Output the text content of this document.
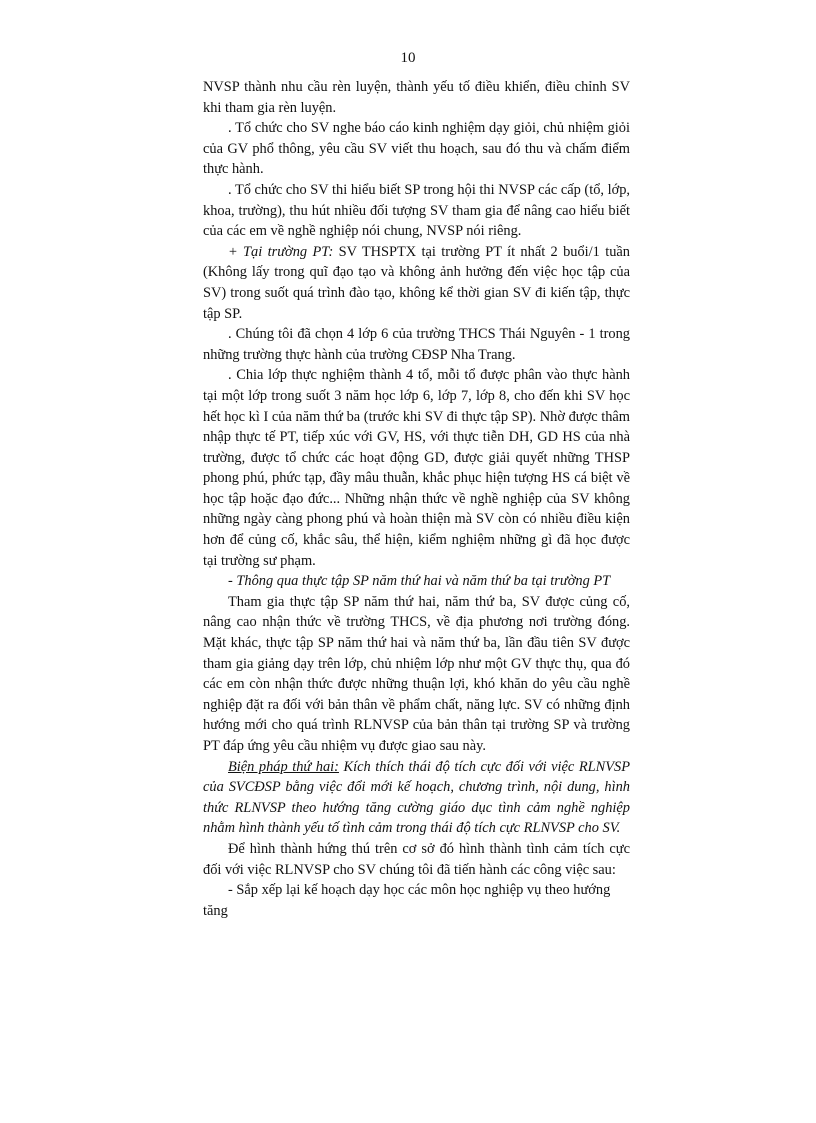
10

NVSP thành nhu cầu rèn luyện, thành yếu tố điều khiển, điều chỉnh SV khi tham gia rèn luyện.

. Tổ chức cho SV nghe báo cáo kinh nghiệm dạy giỏi, chủ nhiệm giỏi của GV phổ thông, yêu cầu SV viết thu hoạch, sau đó thu và chấm điểm thực hành.

. Tổ chức cho SV thi hiểu biết SP trong hội thi NVSP các cấp (tổ, lớp, khoa, trường), thu hút nhiều đối tượng SV tham gia để nâng cao hiểu biết của các em về nghề nghiệp nói chung, NVSP nói riêng.

+ Tại trường PT: SV THSPTX tại trường PT ít nhất 2 buổi/1 tuần (Không lấy trong quĩ đạo tạo và không ảnh hưởng đến việc học tập của SV) trong suốt quá trình đào tạo, không kể thời gian SV đi kiến tập, thực tập SP.

. Chúng tôi đã chọn 4 lớp 6 của trường THCS Thái Nguyên - 1 trong những trường thực hành của trường CĐSP Nha Trang.

. Chia lớp thực nghiệm thành 4 tổ, mỗi tổ được phân vào thực hành tại một lớp trong suốt 3 năm học lớp 6, lớp 7, lớp 8, cho đến khi SV học hết học kì I của năm thứ ba (trước khi SV đi thực tập SP). Nhờ được thâm nhập thực tế PT, tiếp xúc với GV, HS, với thực tiễn DH, GD HS của nhà trường, được tổ chức các hoạt động GD, được giải quyết những THSP phong phú, phức tạp, đầy mâu thuẫn, khắc phục hiện tượng HS cá biệt về học tập hoặc đạo đức... Những nhận thức về nghề nghiệp của SV không những ngày càng phong phú và hoàn thiện mà SV còn có nhiều điều kiện hơn để củng cố, khắc sâu, thể hiện, kiểm nghiệm những gì đã học được tại trường sư phạm.

- Thông qua thực tập SP năm thứ hai và năm thứ ba tại trường PT

Tham gia thực tập SP năm thứ hai, năm thứ ba, SV được củng cố, nâng cao nhận thức về trường THCS, về địa phương nơi trường đóng. Mặt khác, thực tập SP năm thứ hai và năm thứ ba, lần đầu tiên SV được tham gia giảng dạy trên lớp, chủ nhiệm lớp như một GV thực thụ, qua đó các em còn nhận thức được những thuận lợi, khó khăn do yêu cầu nghề nghiệp đặt ra đối với bản thân về phẩm chất, năng lực. SV có những định hướng mới cho quá trình RLNVSP của bản thân tại trường SP và trường PT đáp ứng yêu cầu nhiệm vụ được giao sau này.

Biện pháp thứ hai: Kích thích thái độ tích cực đối với việc RLNVSP của SVCĐSP bằng việc đổi mới kế hoạch, chương trình, nội dung, hình thức RLNVSP theo hướng tăng cường giáo dục tình cảm nghề nghiệp nhằm hình thành yếu tố tình cảm trong thái độ tích cực RLNVSP cho SV.

Để hình thành hứng thú trên cơ sở đó hình thành tình cảm tích cực đối với việc RLNVSP cho SV chúng tôi đã tiến hành các công việc sau:

- Sắp xếp lại kế hoạch dạy học các môn học nghiệp vụ theo hướng tăng
